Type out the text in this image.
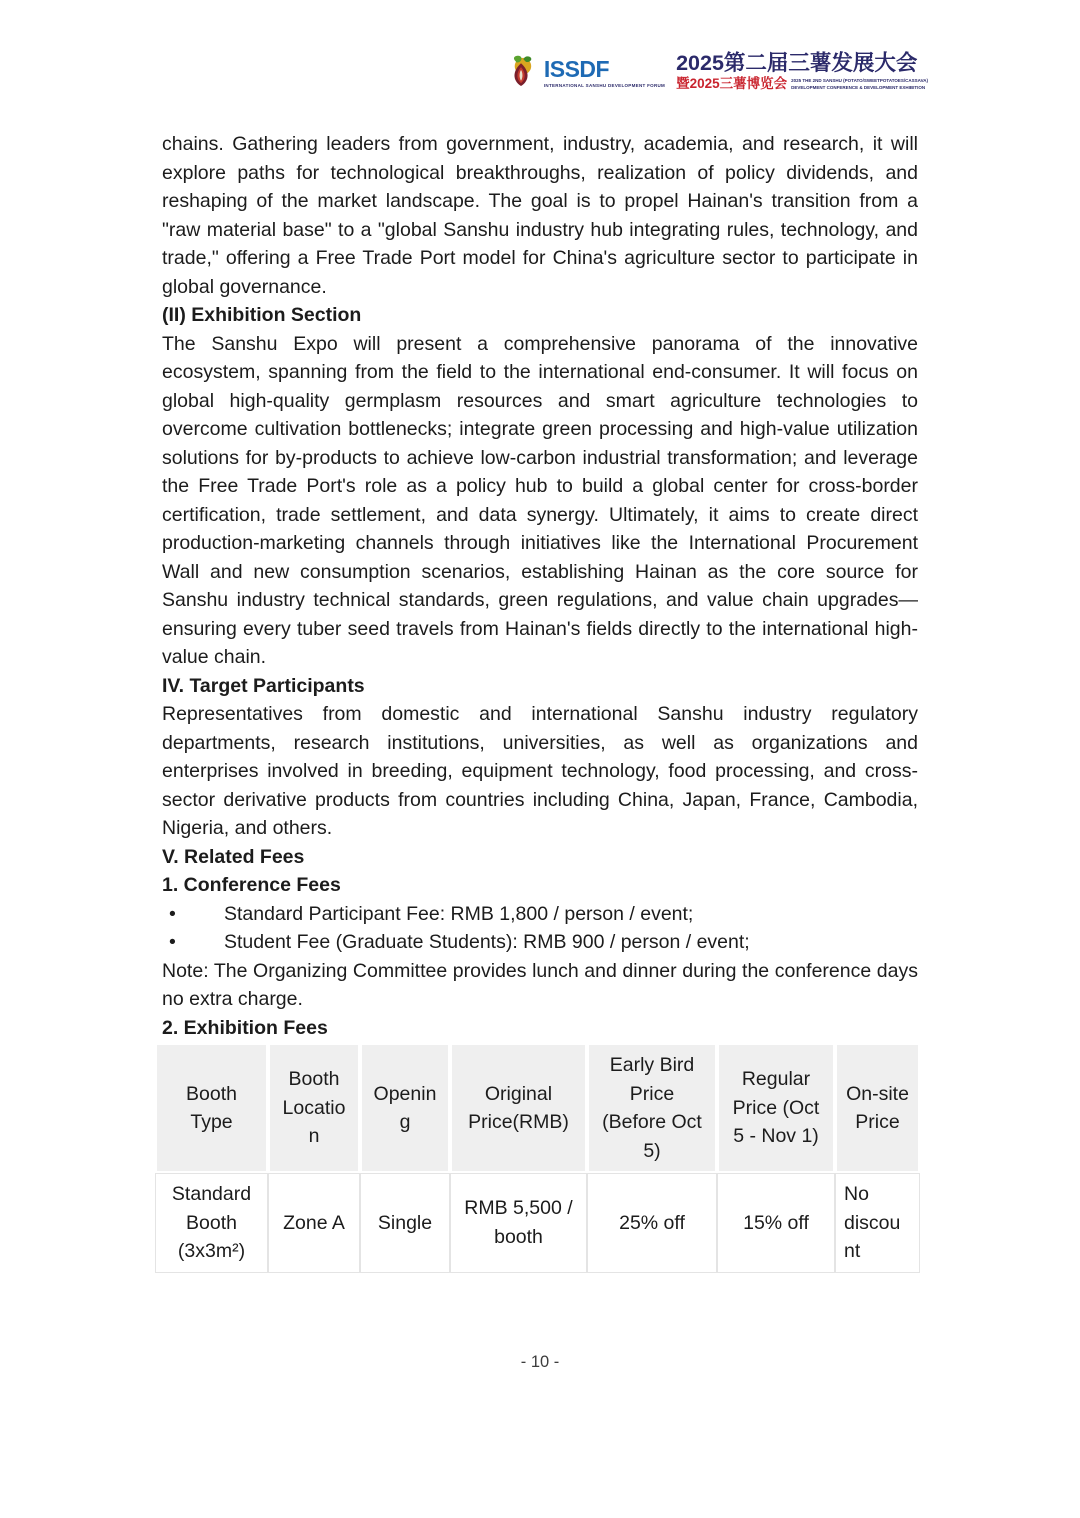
ISSDF
INTERNATIONAL SANSHU DEVELOPMENT FORUM
2025第二届三薯发展大会
暨2025三薯博览会 2025 THE 2ND SANSHU (POTATO/SWEETPOTATOES/CASSAVA)
DEVELOPMENT CONFERENCE & DEVELOPMENT EXHIBITION

chains. Gathering leaders from government, industry, academia, and research, it will explore paths for technological breakthroughs, realization of policy dividends, and reshaping of the market landscape. The goal is to propel Hainan's transition from a "raw material base" to a "global Sanshu industry hub integrating rules, technology, and trade," offering a Free Trade Port model for China's agriculture sector to participate in global governance.

(II) Exhibition Section

The Sanshu Expo will present a comprehensive panorama of the innovative ecosystem, spanning from the field to the international end-consumer. It will focus on global high-quality germplasm resources and smart agriculture technologies to overcome cultivation bottlenecks; integrate green processing and high-value utilization solutions for by-products to achieve low-carbon industrial transformation; and leverage the Free Trade Port's role as a policy hub to build a global center for cross-border certification, trade settlement, and data synergy. Ultimately, it aims to create direct production-marketing channels through initiatives like the International Procurement Wall and new consumption scenarios, establishing Hainan as the core source for Sanshu industry technical standards, green regulations, and value chain upgrades—ensuring every tuber seed travels from Hainan's fields directly to the international high-value chain.

IV. Target Participants

Representatives from domestic and international Sanshu industry regulatory departments, research institutions, universities, as well as organizations and enterprises involved in breeding, equipment technology, food processing, and cross-sector derivative products from countries including China, Japan, France, Cambodia, Nigeria, and others.

V. Related Fees

1. Conference Fees

•	Standard Participant Fee: RMB 1,800 / person / event;
•	Student Fee (Graduate Students): RMB 900 / person / event;

Note: The Organizing Committee provides lunch and dinner during the conference days no extra charge.

2. Exhibition Fees

Booth Type	Booth Location	Opening	Original Price(RMB)	Early Bird Price (Before Oct 5)	Regular Price (Oct 5 - Nov 1)	On-site Price
Standard Booth (3x3m²)	Zone A	Single	RMB 5,500 / booth	25% off	15% off	No discount
- 10 -
